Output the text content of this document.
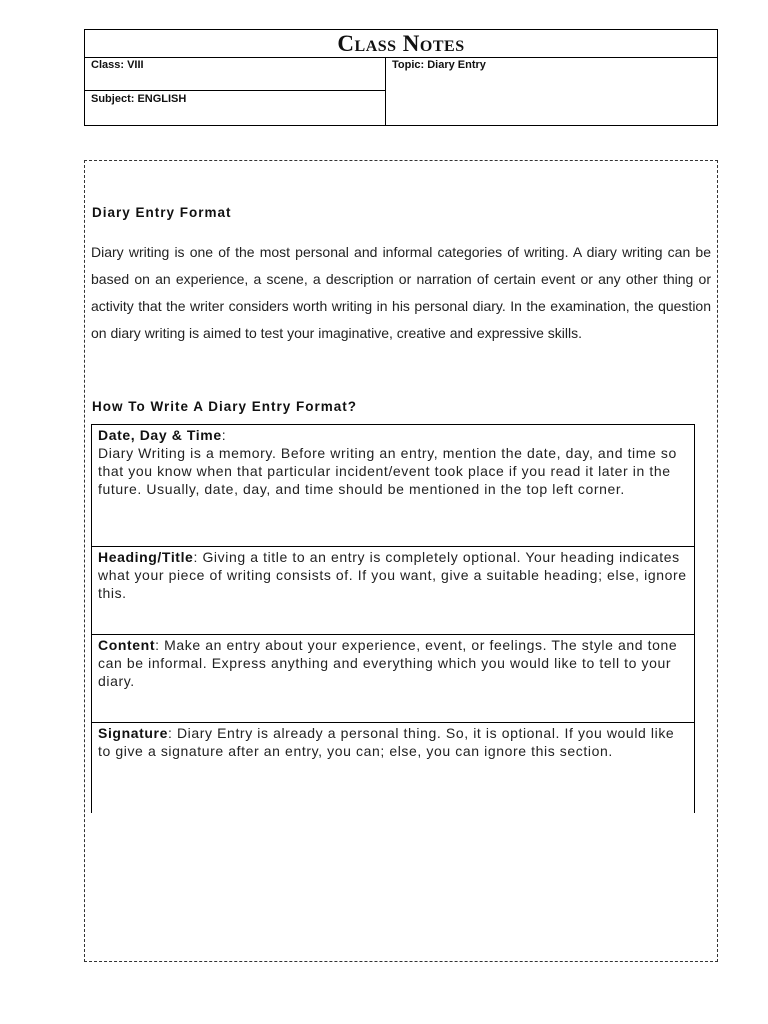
Class Notes
Class: VIII
Subject: ENGLISH
Topic: Diary Entry
Diary Entry Format
Diary writing is one of the most personal and informal categories of writing. A diary writing can be based on an experience, a scene, a description or narration of certain event or any other thing or activity that the writer considers worth writing in his personal diary. In the examination, the question on diary writing is aimed to test your imaginative, creative and expressive skills.
How To Write A Diary Entry Format?
Date, Day & Time:
Diary Writing is a memory. Before writing an entry, mention the date, day, and time so that you know when that particular incident/event took place if you read it later in the future. Usually, date, day, and time should be mentioned in the top left corner.
Heading/Title: Giving a title to an entry is completely optional. Your heading indicates what your piece of writing consists of. If you want, give a suitable heading; else, ignore this.
Content: Make an entry about your experience, event, or feelings. The style and tone can be informal. Express anything and everything which you would like to tell to your diary.
Signature: Diary Entry is already a personal thing. So, it is optional. If you would like to give a signature after an entry, you can; else, you can ignore this section.
